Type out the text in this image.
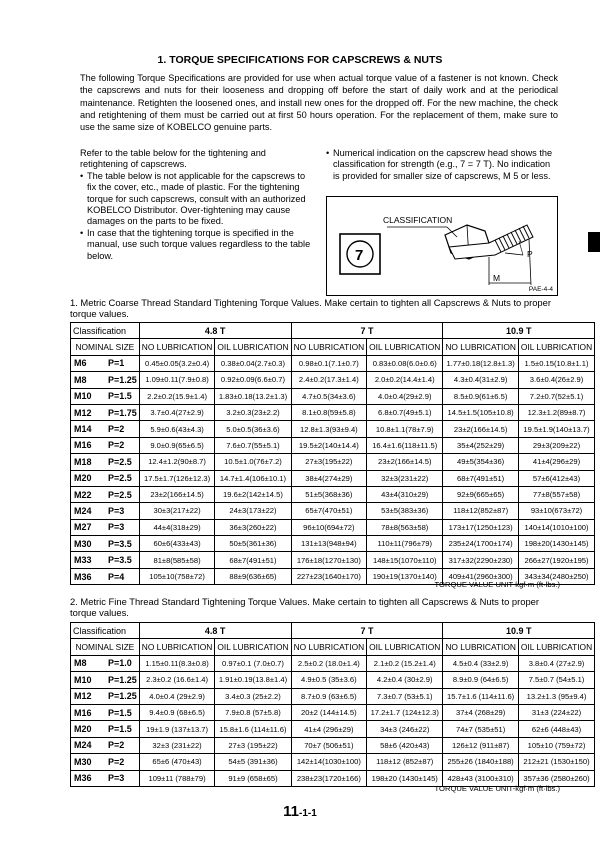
1. TORQUE SPECIFICATIONS FOR CAPSCREWS & NUTS
The following Torque Specifications are provided for use when actual torque value of a fastener is not known. Check the capscrews and nuts for their looseness and dropping off before the start of daily work and at the periodical maintenance. Retighten the loosened ones, and install new ones for the dropped off. For the new machine, the check and retightening of them must be carried out at first 50 hours operation. For the replacement of them, make sure to use the same size of KOBELCO genuine parts.

Refer to the table below for the tightening and retightening of capscrews.

• The table below is not applicable for the capscrews to fix the cover, etc., made of plastic. For the tightening torque for such capscrews, consult with an authorized KOBELCO Distributor. Over-tightening may cause damages on the parts to be fixed.
• In case that the tightening torque is specified in the manual, use such torque values regardless to the table below.
• Numerical indication on the capscrew head shows the classification for strength (e.g., 7 = 7 T). No indication is provided for smaller size of capscrews, M 5 or less.
CLASSIFICATION
7	P
M
PAE-4-4
1. Metric Coarse Thread Standard Tightening Torque Values. Make certain to tighten all Capscrews & Nuts to proper torque values.
Classification	4.8 T		7 T		10.9 T	
NOMINAL SIZE	NO LUBRICATION	OIL LUBRICATION	NO LUBRICATION	OIL LUBRICATION	NO LUBRICATION	OIL LUBRICATION
M6 P=1	0.45±0.05(3.2±0.4)	0.38±0.04(2.7±0.3)	0.98±0.1(7.1±0.7)	0.83±0.08(6.0±0.6)	1.77±0.18(12.8±1.3)	1.5±0.15(10.8±1.1)
M8 P=1.25	1.09±0.11(7.9±0.8)	0.92±0.09(6.6±0.7)	2.4±0.2(17.3±1.4)	2.0±0.2(14.4±1.4)	4.3±0.4(31±2.9)	3.6±0.4(26±2.9)
M10 P=1.5	2.2±0.2(15.9±1.4)	1.83±0.18(13.2±1.3)	4.7±0.5(34±3.6)	4.0±0.4(29±2.9)	8.5±0.9(61±6.5)	7.2±0.7(52±5.1)
M12 P=1.75	3.7±0.4(27±2.9)	3.2±0.3(23±2.2)	8.1±0.8(59±5.8)	6.8±0.7(49±5.1)	14.5±1.5(105±10.8)	12.3±1.2(89±8.7)
M14 P=2	5.9±0.6(43±4.3)	5.0±0.5(36±3.6)	12.8±1.3(93±9.4)	10.8±1.1(78±7.9)	23±2(166±14.5)	19.5±1.9(140±13.7)
M16 P=2	9.0±0.9(65±6.5)	7.6±0.7(55±5.1)	19.5±2(140±14.4)	16.4±1.6(118±11.5)	35±4(252±29)	29±3(209±22)
M18 P=2.5	12.4±1.2(90±8.7)	10.5±1.0(76±7.2)	27±3(195±22)	23±2(166±14.5)	49±5(354±36)	41±4(296±29)
M20 P=2.5	17.5±1.7(126±12.3)	14.7±1.4(106±10.1)	38±4(274±29)	32±3(231±22)	68±7(491±51)	57±6(412±43)
M22 P=2.5	23±2(166±14.5)	19.6±2(142±14.5)	51±5(368±36)	43±4(310±29)	92±9(665±65)	77±8(557±58)
M24 P=3	30±3(217±22)	24±3(173±22)	65±7(470±51)	53±5(383±36)	118±12(852±87)	93±10(673±72)
M27 P=3	44±4(318±29)	36±3(260±22)	96±10(694±72)	78±8(563±58)	173±17(1250±123)	140±14(1010±100)
M30 P=3.5	60±6(433±43)	50±5(361±36)	131±13(948±94)	110±11(796±79)	235±24(1700±174)	198±20(1430±145)
M33 P=3.5	81±8(585±58)	68±7(491±51)	176±18(1270±130)	148±15(1070±110)	317±32(2290±230)	266±27(1920±195)
M36 P=4	105±10(758±72)	88±9(636±65)	227±23(1640±170)	190±19(1370±140)	409±41(2960±300)	343±34(2480±250)
TORQUE VALUE UNIT-kgf·m (ft·lbs.)
2. Metric Fine Thread Standard Tightening Torque Values. Make certain to tighten all Capscrews & Nuts to proper torque values.
Classification	4.8 T		7 T		10.9 T	
NOMINAL SIZE	NO LUBRICATION	OIL LUBRICATION	NO LUBRICATION	OIL LUBRICATION	NO LUBRICATION	OIL LUBRICATION
M8 P=1.0	1.15±0.11(8.3±0.8)	0.97±0.1 (7.0±0.7)	2.5±0.2 (18.0±1.4)	2.1±0.2 (15.2±1.4)	4.5±0.4 (33±2.9)	3.8±0.4 (27±2.9)
M10 P=1.25	2.3±0.2 (16.6±1.4)	1.91±0.19(13.8±1.4)	4.9±0.5 (35±3.6)	4.2±0.4 (30±2.9)	8.9±0.9 (64±6.5)	7.5±0.7 (54±5.1)
M12 P=1.25	4.0±0.4 (29±2.9)	3.4±0.3 (25±2.2)	8.7±0.9 (63±6.5)	7.3±0.7 (53±5.1)	15.7±1.6 (114±11.6)	13.2±1.3 (95±9.4)
M16 P=1.5	9.4±0.9 (68±6.5)	7.9±0.8 (57±5.8)	20±2 (144±14.5)	17.2±1.7 (124±12.3)	37±4 (268±29)	31±3 (224±22)
M20 P=1.5	19±1.9 (137±13.7)	15.8±1.6 (114±11.6)	41±4 (296±29)	34±3 (246±22)	74±7 (535±51)	62±6 (448±43)
M24 P=2	32±3 (231±22)	27±3 (195±22)	70±7 (506±51)	58±6 (420±43)	126±12 (911±87)	105±10 (759±72)
M30 P=2	65±6 (470±43)	54±5 (391±36)	142±14(1030±100)	118±12 (852±87)	255±26 (1840±188)	212±21 (1530±150)
M36 P=3	109±11 (788±79)	91±9 (658±65)	238±23(1720±166)	198±20 (1430±145)	428±43 (3100±310)	357±36 (2580±260)
TORQUE VALUE UNIT-kgf·m (ft·lbs.)
11-1-1
